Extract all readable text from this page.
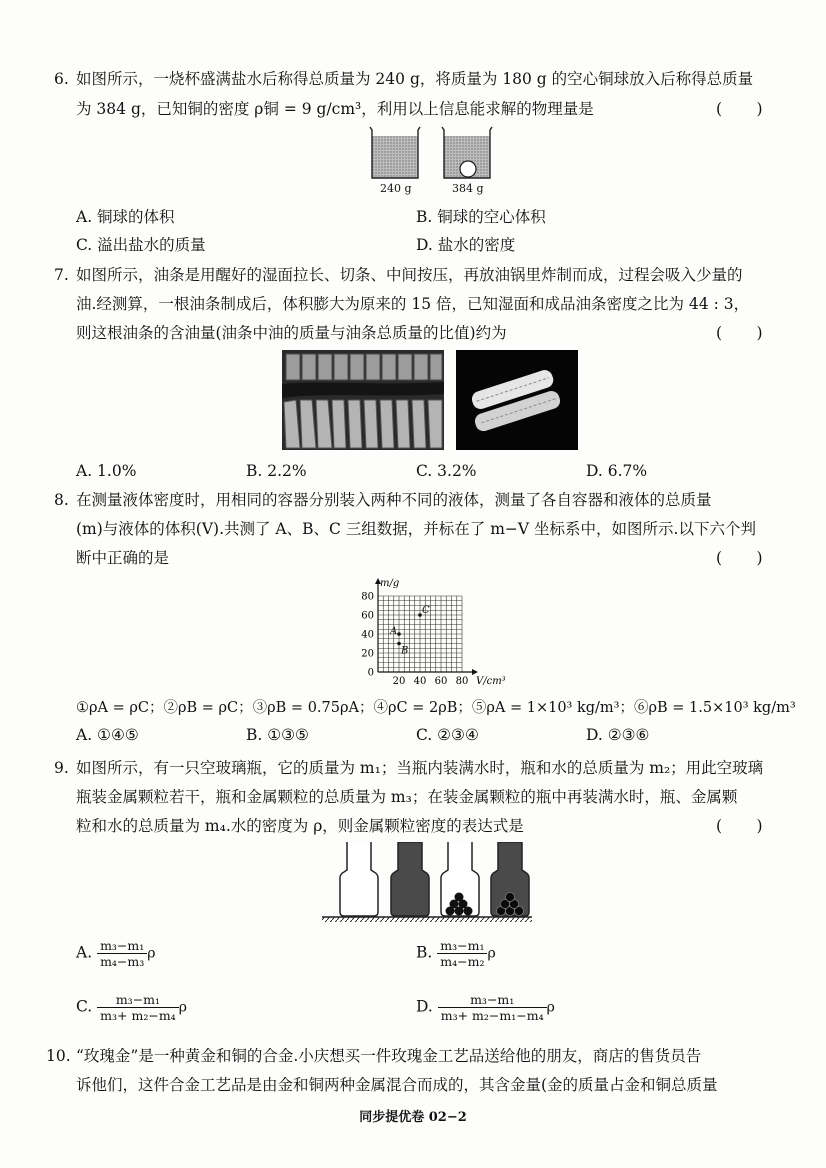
6. 如图所示，一烧杯盛满盐水后称得总质量为 240 g，将质量为 180 g 的空心铜球放入后称得总质量
为 384 g，已知铜的密度 ρ铜 = 9 g/cm³，利用以上信息能求解的物理量是	(       )
240 g	384 g
A. 铜球的体积	B. 铜球的空心体积
C. 溢出盐水的质量	D. 盐水的密度
7. 如图所示，油条是用醒好的湿面拉长、切条、中间按压，再放油锅里炸制而成，过程会吸入少量的
油.经测算，一根油条制成后，体积膨大为原来的 15 倍，已知湿面和成品油条密度之比为 44 : 3，
则这根油条的含油量(油条中油的质量与油条总质量的比值)约为	(       )
A. 1.0%	B. 2.2%	C. 3.2%	D. 6.7%
8. 在测量液体密度时，用相同的容器分别装入两种不同的液体，测量了各自容器和液体的总质量
(m)与液体的体积(V).共测了 A、B、C 三组数据，并标在了 m−V 坐标系中，如图所示.以下六个判
断中正确的是	(       )
m/g
V/cm³
20 40 60 80
0
20
40
60
80
A
B
C
①ρA = ρC；②ρB = ρC；③ρB = 0.75ρA；④ρC = 2ρB；⑤ρA = 1×10³ kg/m³；⑥ρB = 1.5×10³ kg/m³
A. ①④⑤	B. ①③⑤	C. ②③④	D. ②③⑥
9. 如图所示，有一只空玻璃瓶，它的质量为 m₁；当瓶内装满水时，瓶和水的总质量为 m₂；用此空玻璃
瓶装金属颗粒若干，瓶和金属颗粒的总质量为 m₃；在装金属颗粒的瓶中再装满水时，瓶、金属颗
粒和水的总质量为 m₄.水的密度为 ρ，则金属颗粒密度的表达式是	(       )
A. $\frac{\text{m₃−m₁}}{\text{m₄−m₃}}$ ρ	B. $\frac{\text{m₃−m₁}}{\text{m₄−m₂}}$ ρ
C. $\frac{\text{m₃−m₁}}{\text{m₃+ m₂−m₄}}$ ρ	D. $\frac{\text{m₃−m₁}}{\text{m₃+ m₂−m₁−m₄}}$ ρ
10. “玫瑰金”是一种黄金和铜的合金.小庆想买一件玫瑰金工艺品送给他的朋友，商店的售货员告
诉他们，这件合金工艺品是由金和铜两种金属混合而成的，其含金量(金的质量占金和铜总质量
同步提优卷 02−2
